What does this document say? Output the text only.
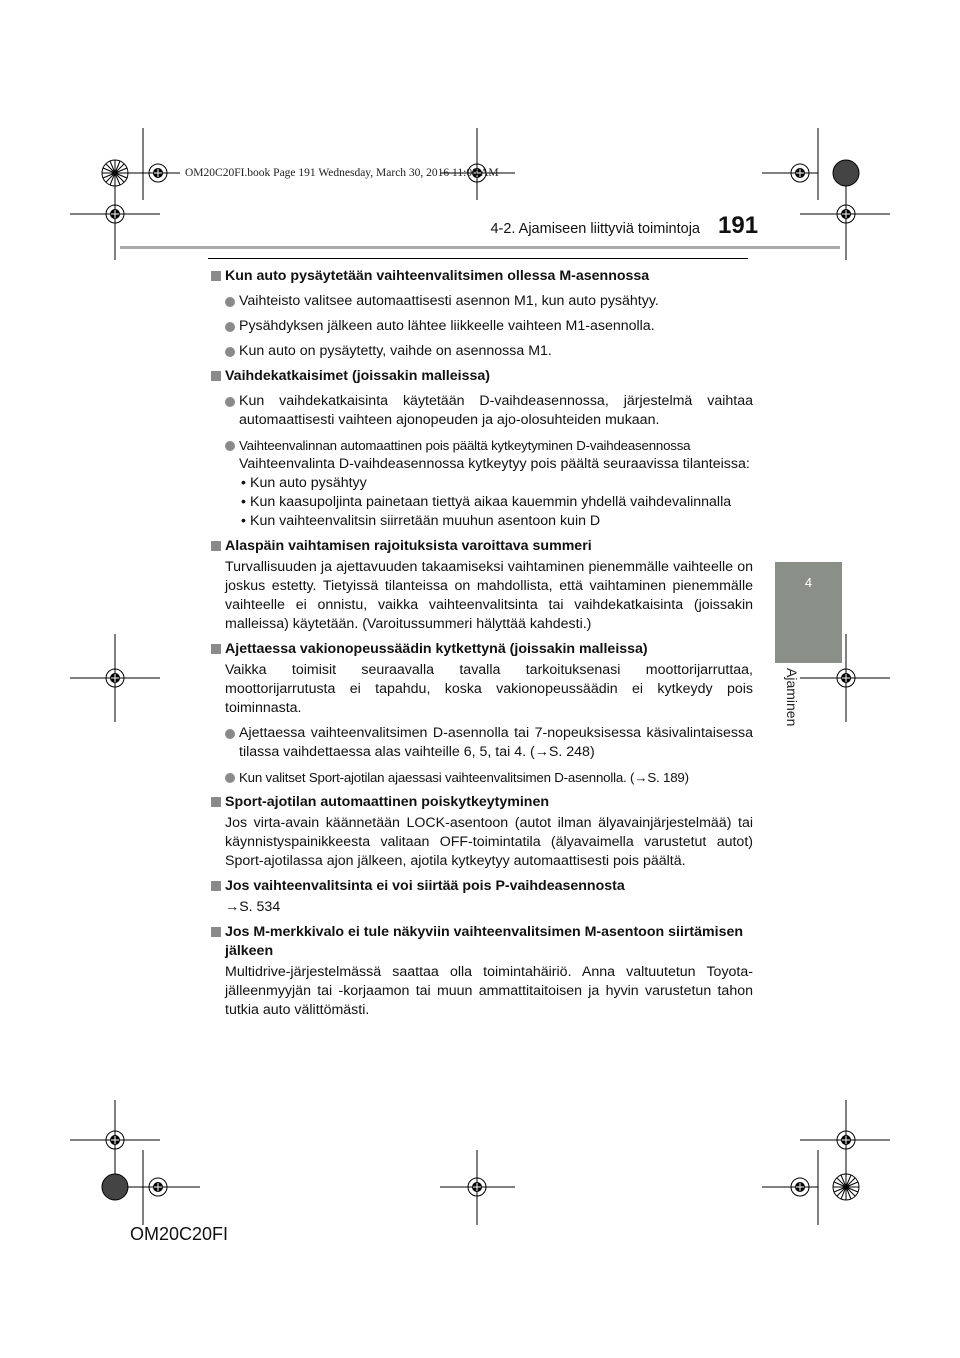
OM20C20FI.book Page 191 Wednesday, March 30, 2016 11:08 AM
4-2. Ajamiseen liittyviä toimintoja 191
4
Ajaminen

Kun auto pysäytetään vaihteenvalitsimen ollessa M-asennossa

Vaihteisto valitsee automaattisesti asennon M1, kun auto pysähtyy.

Pysähdyksen jälkeen auto lähtee liikkeelle vaihteen M1-asennolla.

Kun auto on pysäytetty, vaihde on asennossa M1.

Vaihdekatkaisimet (joissakin malleissa)

Kun vaihdekatkaisinta käytetään D-vaihdeasennossa, järjestelmä vaihtaa automaattisesti vaihteen ajonopeuden ja ajo-olosuhteiden mukaan.

Vaihteenvalinnan automaattinen pois päältä kytkeytyminen D-vaihdeasennossa
Vaihteenvalinta D-vaihdeasennossa kytkeytyy pois päältä seuraavissa tilanteissa:

• Kun auto pysähtyy

• Kun kaasupoljinta painetaan tiettyä aikaa kauemmin yhdellä vaihdevalinnalla

• Kun vaihteenvalitsin siirretään muuhun asentoon kuin D

Alaspäin vaihtamisen rajoituksista varoittava summeri

Turvallisuuden ja ajettavuuden takaamiseksi vaihtaminen pienemmälle vaihteelle on joskus estetty. Tietyissä tilanteissa on mahdollista, että vaihtaminen pienemmälle vaihteelle ei onnistu, vaikka vaihteenvalitsinta tai vaihdekatkaisinta (joissakin malleissa) käytetään. (Varoitussummeri hälyttää kahdesti.)

Ajettaessa vakionopeussäädin kytkettynä (joissakin malleissa)

Vaikka toimisit seuraavalla tavalla tarkoituksenasi moottorijarruttaa, moottorijarrutusta ei tapahdu, koska vakionopeussäädin ei kytkeydy pois toiminnasta.

Ajettaessa vaihteenvalitsimen D-asennolla tai 7-nopeuksisessa käsivalintaisessa tilassa vaihdettaessa alas vaihteille 6, 5, tai 4. (→S. 248)

Kun valitset Sport-ajotilan ajaessasi vaihteenvalitsimen D-asennolla. (→S. 189)

Sport-ajotilan automaattinen poiskytkeytyminen

Jos virta-avain käännetään LOCK-asentoon (autot ilman älyavainjärjestelmää) tai käynnistyspainikkeesta valitaan OFF-toimintatila (älyavaimella varustetut autot) Sport-ajotilassa ajon jälkeen, ajotila kytkeytyy automaattisesti pois päältä.

Jos vaihteenvalitsinta ei voi siirtää pois P-vaihdeasennosta

→S. 534

Jos M-merkkivalo ei tule näkyviin vaihteenvalitsimen M-asentoon siirtämisen jälkeen

Multidrive-järjestelmässä saattaa olla toimintahäiriö. Anna valtuutetun Toyota-jälleenmyyjän tai -korjaamon tai muun ammattitaitoisen ja hyvin varustetun tahon tutkia auto välittömästi.

OM20C20FI
